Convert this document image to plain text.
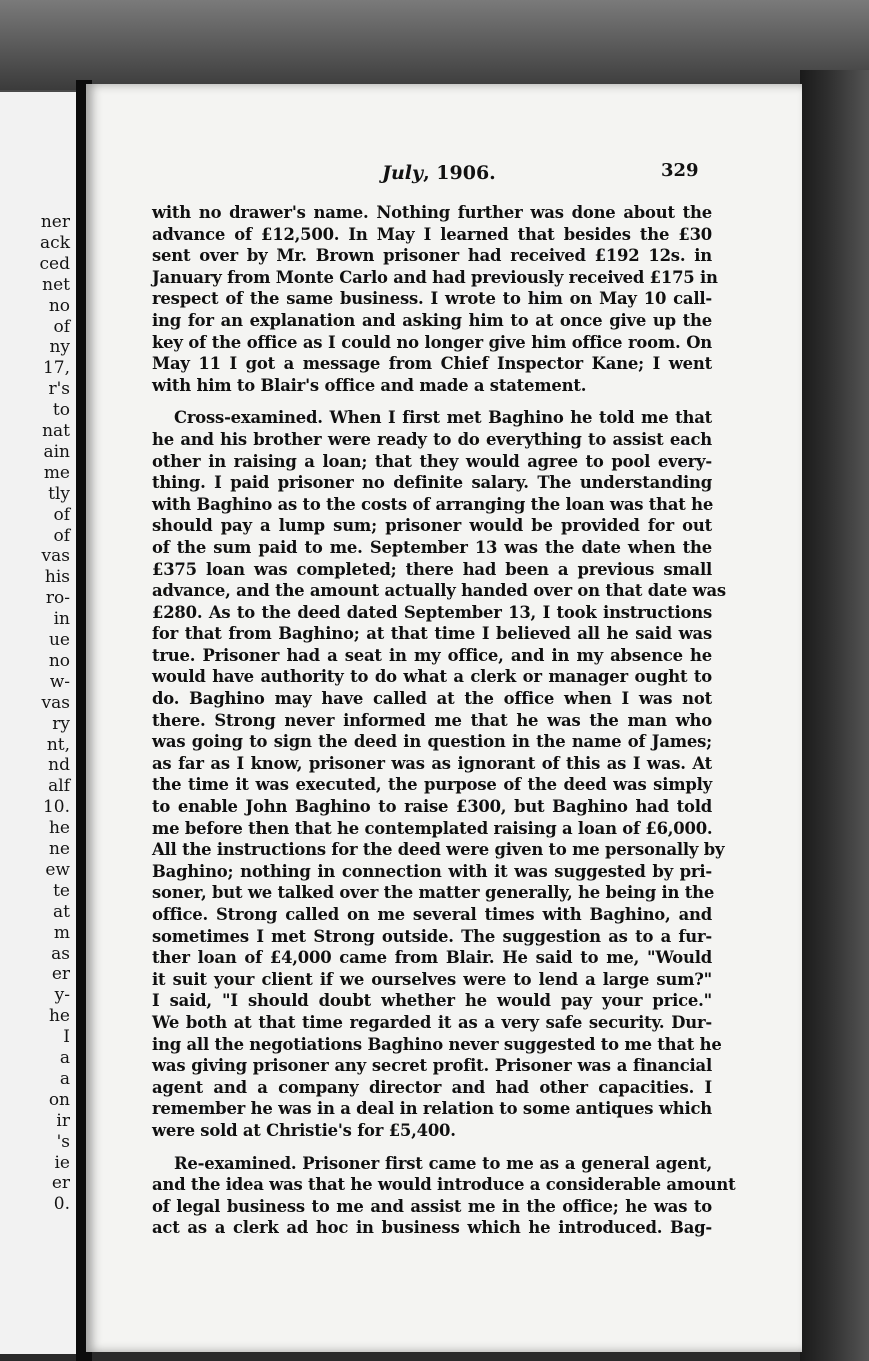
ner
ack
ced
net
no
of
ny
17,
r's
to
nat
ain
me
tly
of
of
vas
his
ro-
in
ue
no
w-
vas
ry
nt,
nd
alf
10.
he
ne
ew
te
at
m
as
er
y-
he
I
a
a
on
ir
's
ie
er
0.
July, 1906.	329
with no drawer's name. Nothing further was done about the
advance of £12,500. In May I learned that besides the £30
sent over by Mr. Brown prisoner had received £192 12s. in
January from Monte Carlo and had previously received £175 in
respect of the same business. I wrote to him on May 10 call-
ing for an explanation and asking him to at once give up the
key of the office as I could no longer give him office room. On
May 11 I got a message from Chief Inspector Kane; I went
with him to Blair's office and made a statement.
Cross-examined. When I first met Baghino he told me that
he and his brother were ready to do everything to assist each
other in raising a loan; that they would agree to pool every-
thing. I paid prisoner no definite salary. The understanding
with Baghino as to the costs of arranging the loan was that he
should pay a lump sum; prisoner would be provided for out
of the sum paid to me. September 13 was the date when the
£375 loan was completed; there had been a previous small
advance, and the amount actually handed over on that date was
£280. As to the deed dated September 13, I took instructions
for that from Baghino; at that time I believed all he said was
true. Prisoner had a seat in my office, and in my absence he
would have authority to do what a clerk or manager ought to
do. Baghino may have called at the office when I was not
there. Strong never informed me that he was the man who
was going to sign the deed in question in the name of James;
as far as I know, prisoner was as ignorant of this as I was. At
the time it was executed, the purpose of the deed was simply
to enable John Baghino to raise £300, but Baghino had told
me before then that he contemplated raising a loan of £6,000.
All the instructions for the deed were given to me personally by
Baghino; nothing in connection with it was suggested by pri-
soner, but we talked over the matter generally, he being in the
office. Strong called on me several times with Baghino, and
sometimes I met Strong outside. The suggestion as to a fur-
ther loan of £4,000 came from Blair. He said to me, "Would
it suit your client if we ourselves were to lend a large sum?"
I said, "I should doubt whether he would pay your price."
We both at that time regarded it as a very safe security. Dur-
ing all the negotiations Baghino never suggested to me that he
was giving prisoner any secret profit. Prisoner was a financial
agent and a company director and had other capacities. I
remember he was in a deal in relation to some antiques which
were sold at Christie's for £5,400.
Re-examined. Prisoner first came to me as a general agent,
and the idea was that he would introduce a considerable amount
of legal business to me and assist me in the office; he was to
act as a clerk ad hoc in business which he introduced. Bag-
